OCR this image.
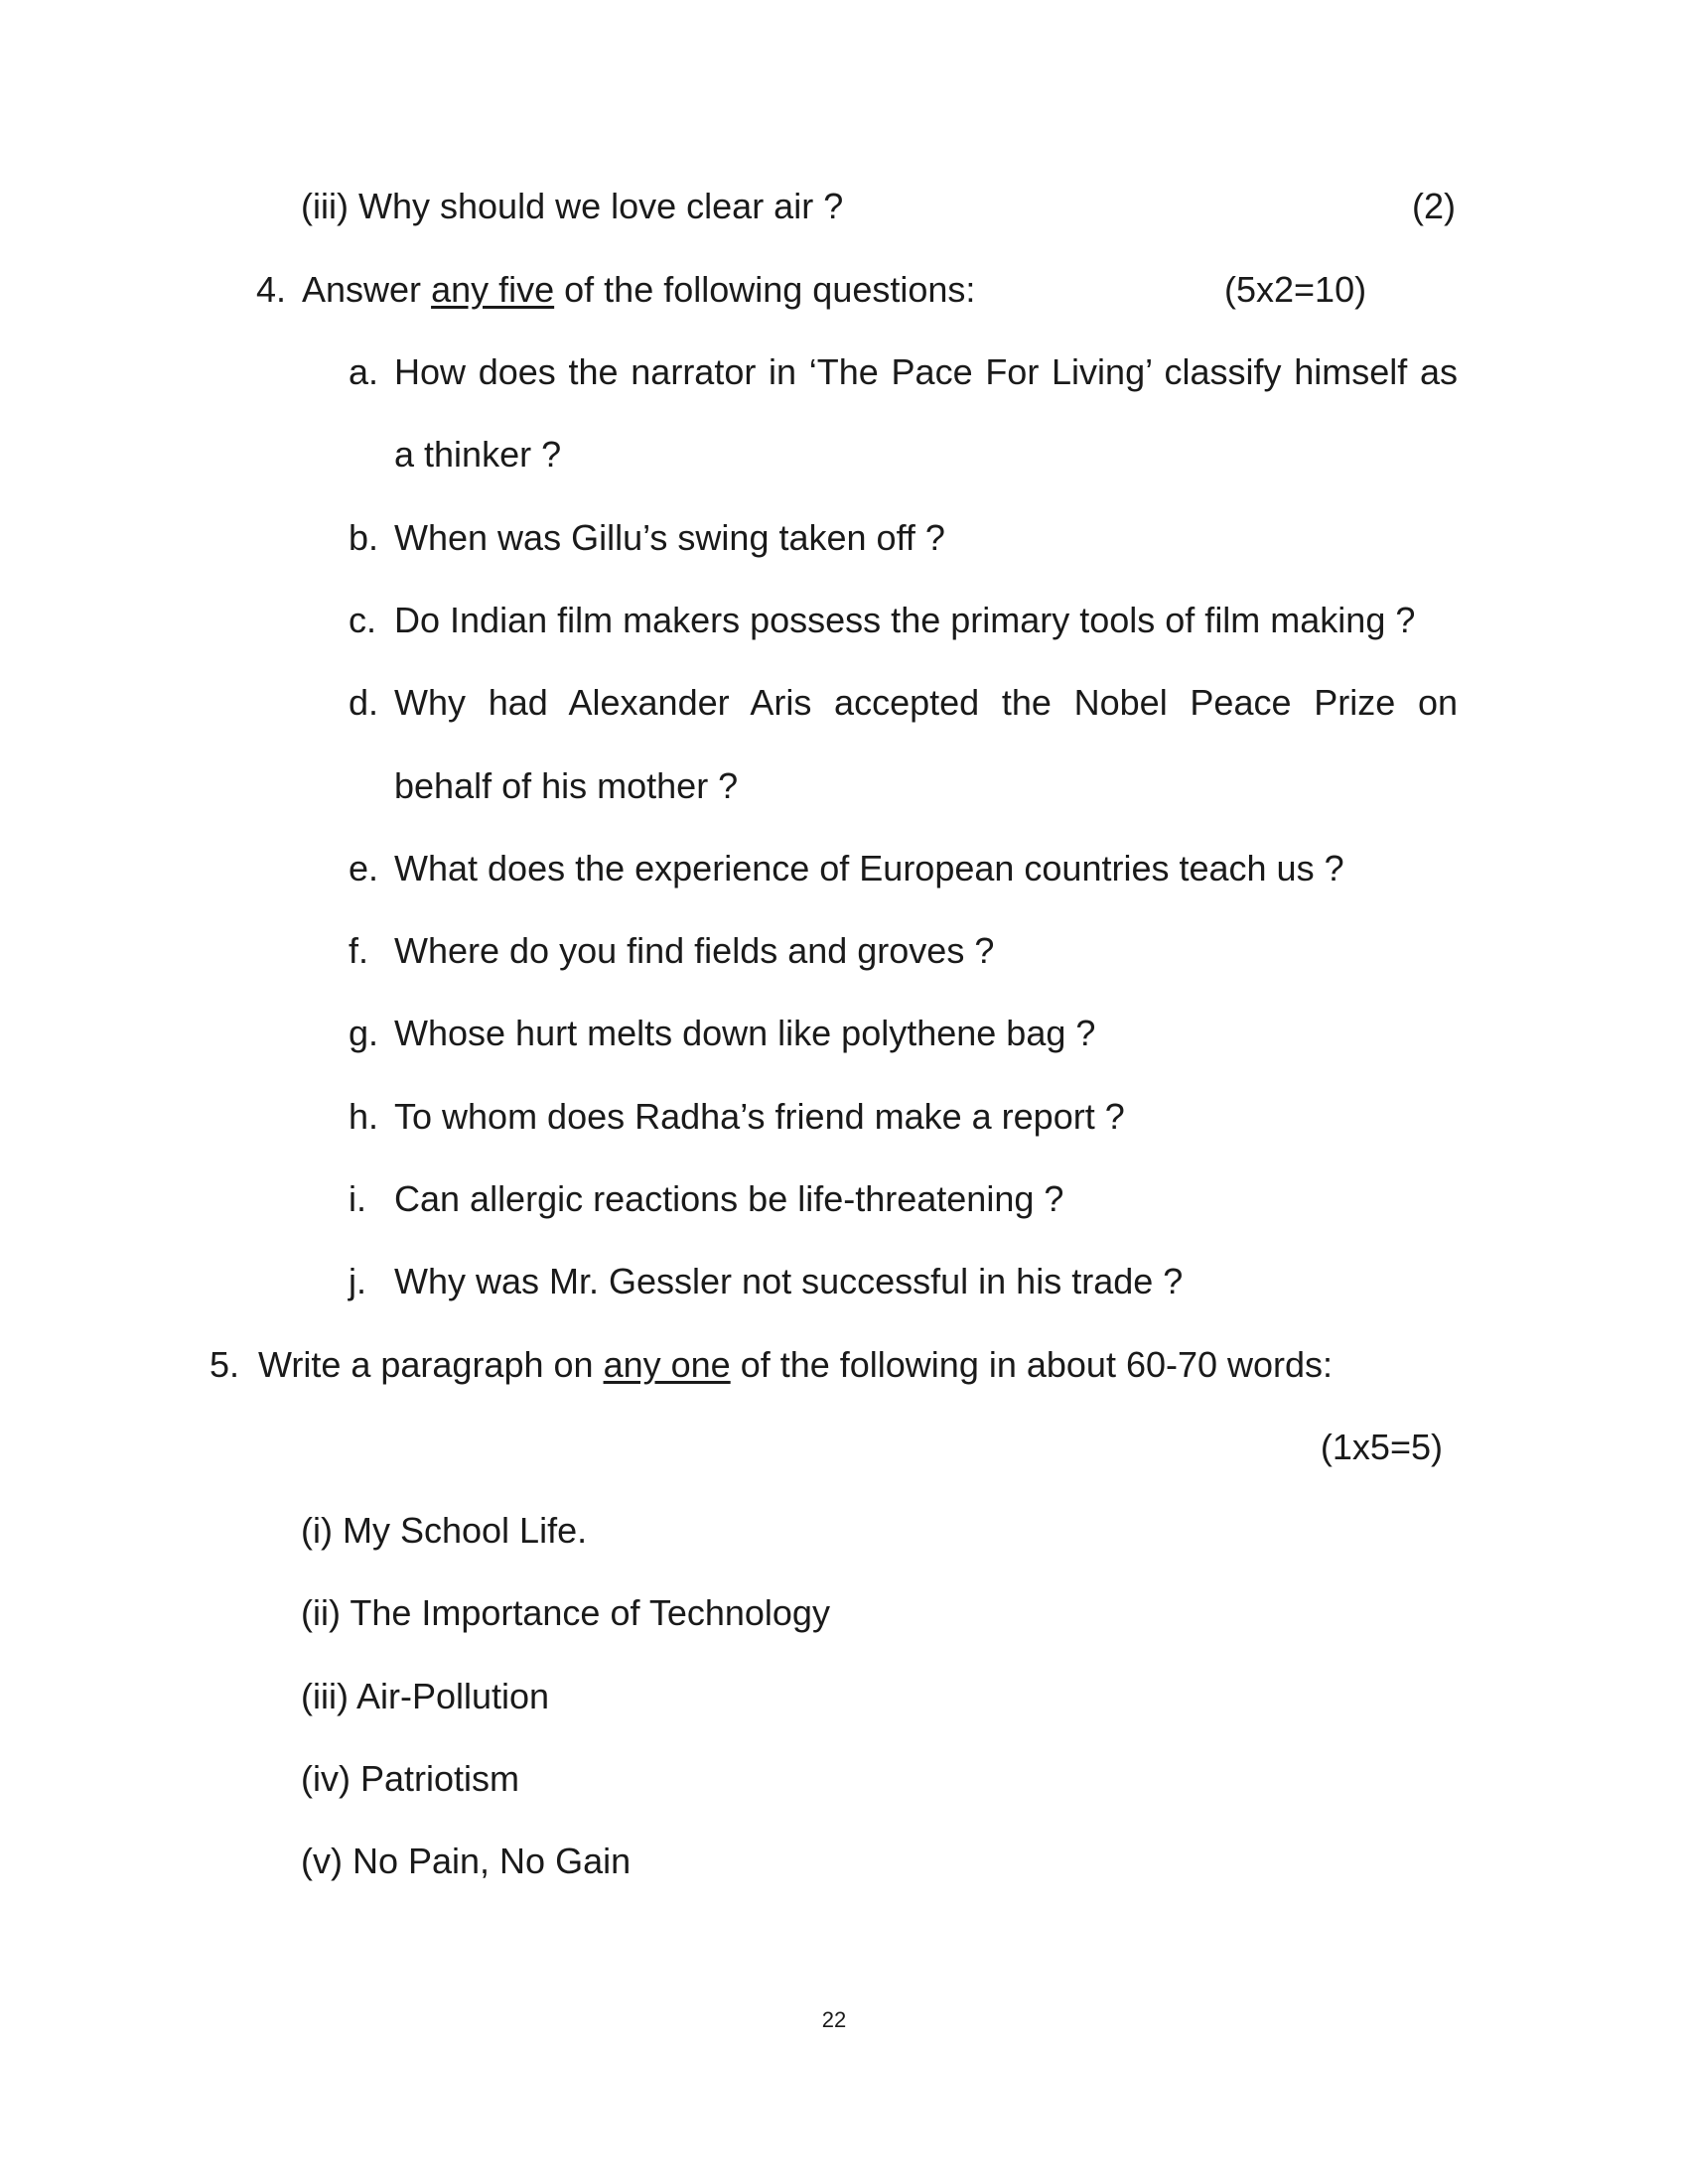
(iii) Why should we love clear air ?	(2)
4. Answer any five of the following questions:	(5x2=10)
a. How does the narrator in ‘The Pace For Living’ classify himself as
a thinker ?
b. When was Gillu’s swing taken off ?
c. Do Indian film makers possess the primary tools of film making ?
d. Why had Alexander Aris accepted the Nobel Peace Prize on
behalf of his mother ?
e. What does the experience of European countries teach us ?
f. Where do you find fields and groves ?
g. Whose hurt melts down like polythene bag ?
h. To whom does Radha’s friend make a report ?
i. Can allergic reactions be life-threatening ?
j. Why was Mr. Gessler not successful in his trade ?
5. Write a paragraph on any one of the following in about 60-70 words:
(1x5=5)
(i) My School Life.
(ii) The Importance of Technology
(iii) Air-Pollution
(iv) Patriotism
(v) No Pain, No Gain
22
